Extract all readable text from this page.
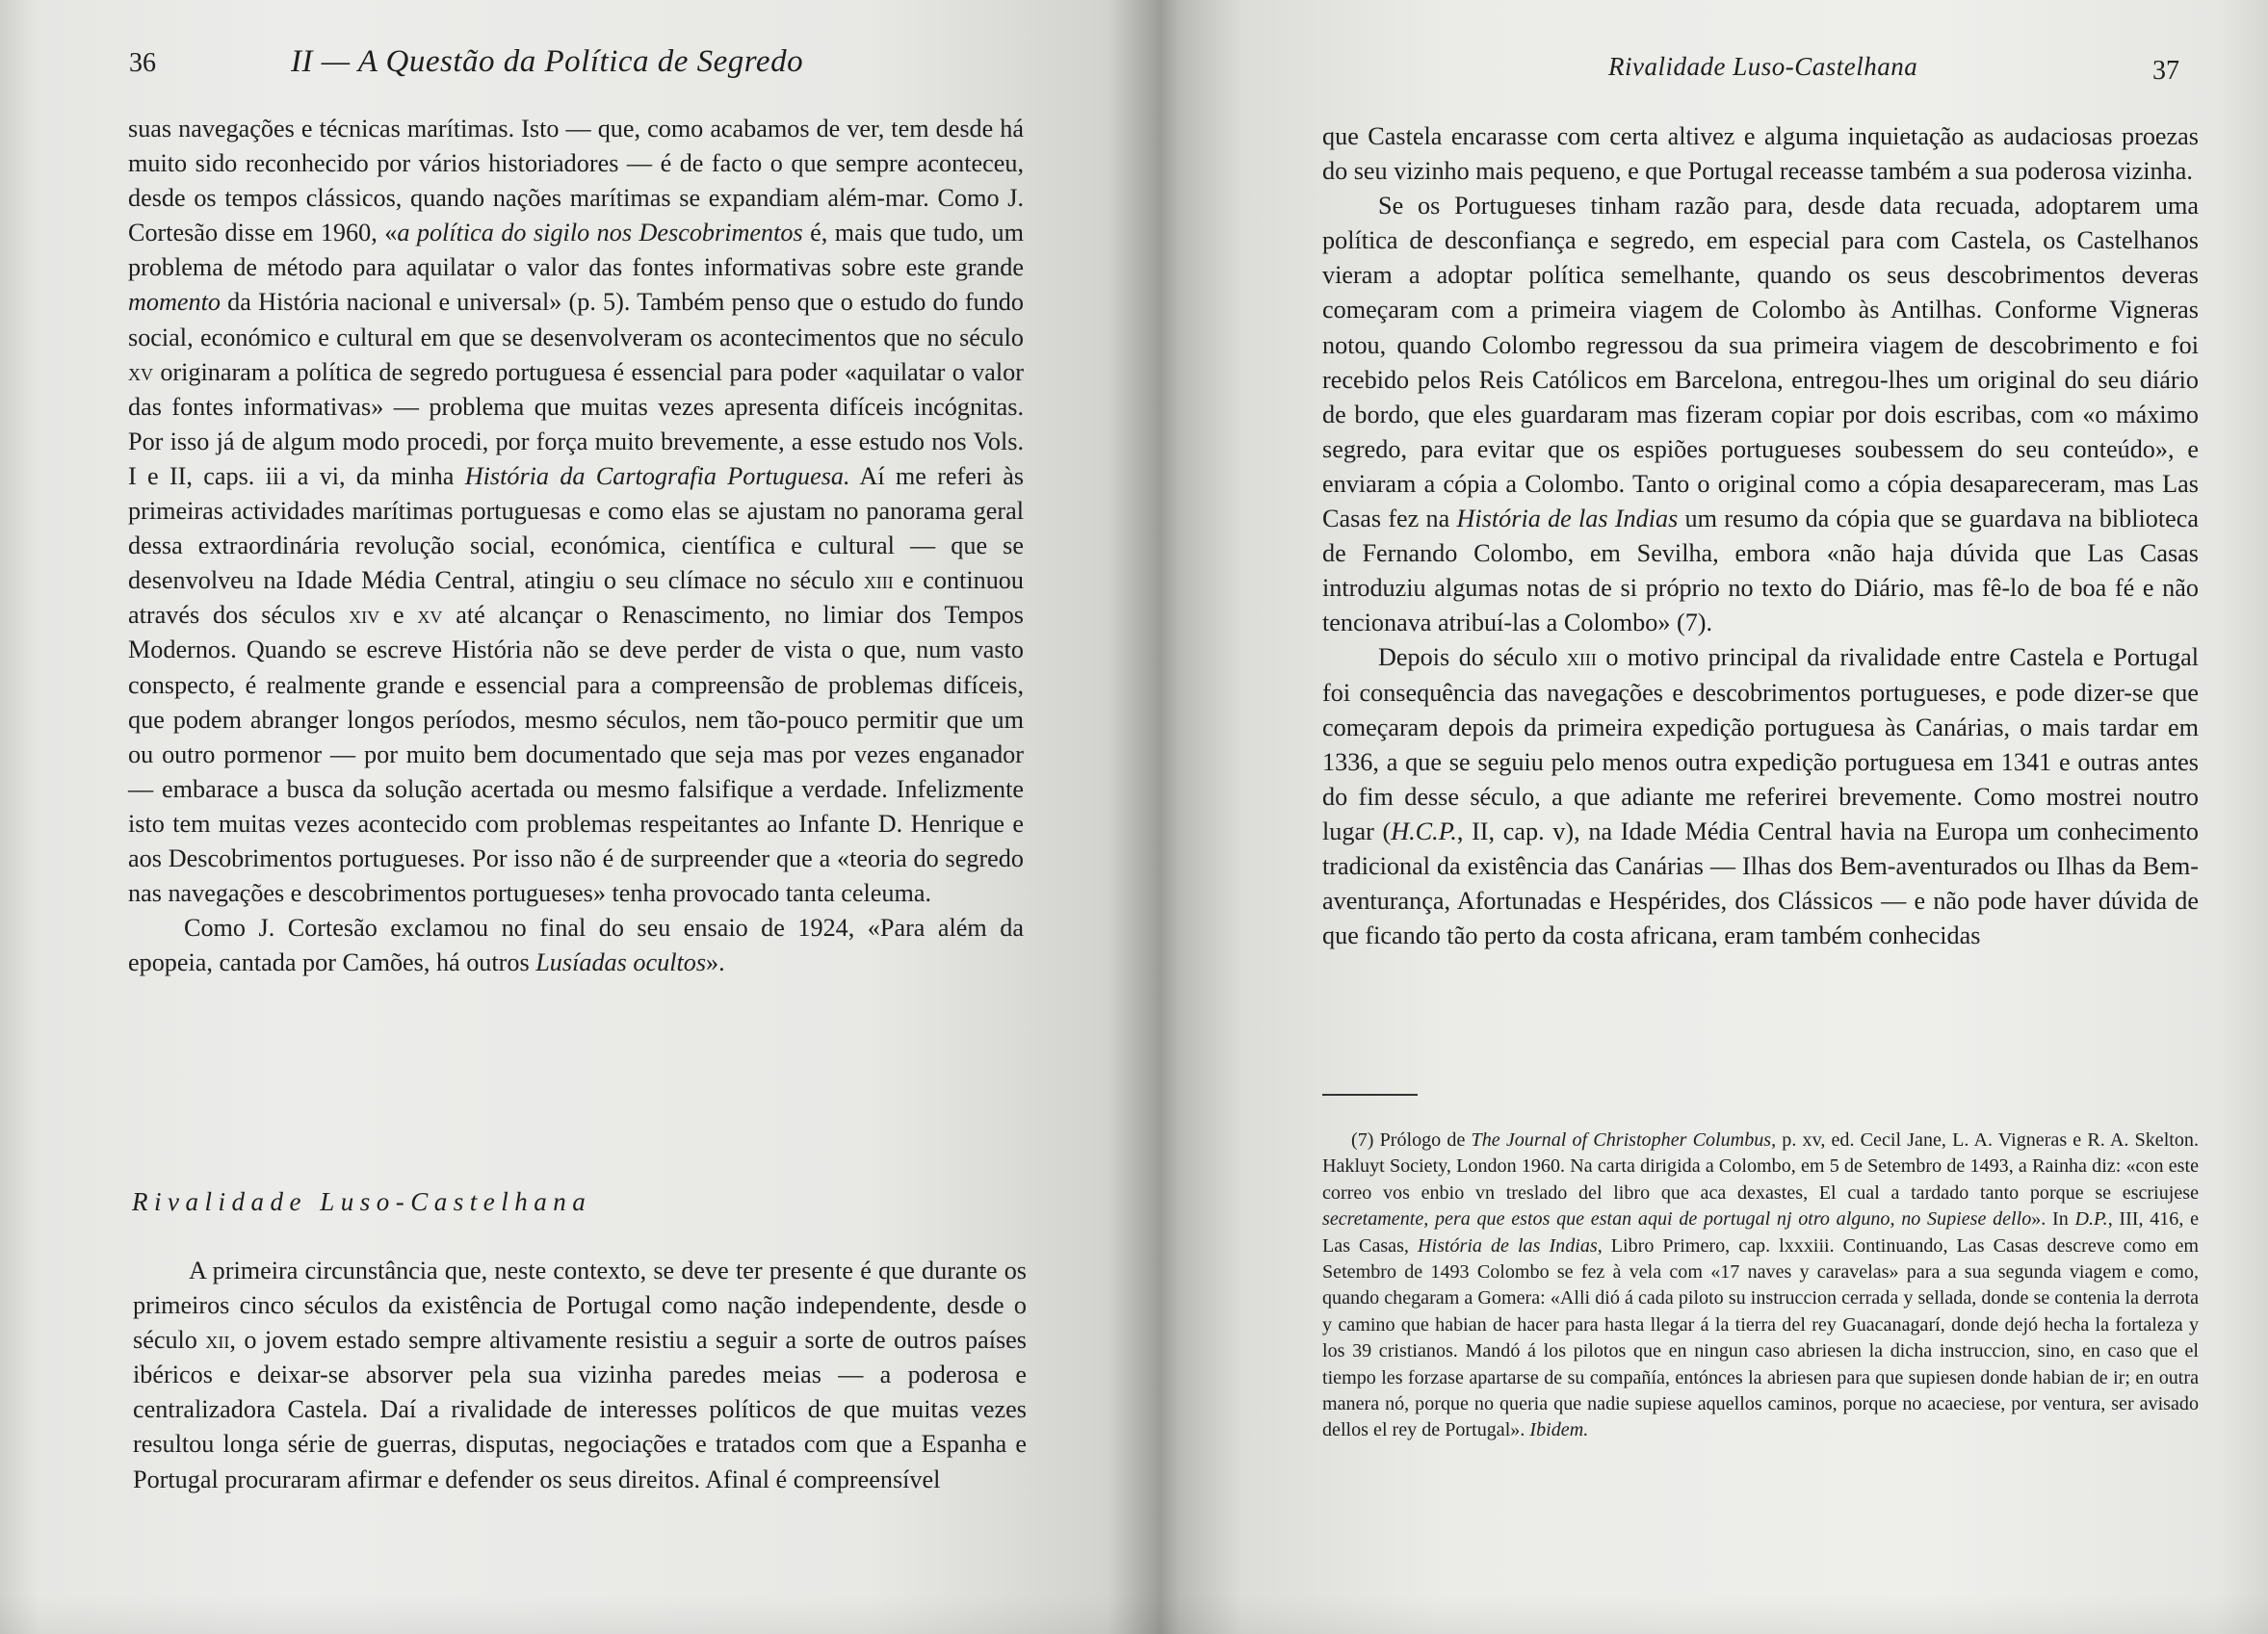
36	II — A Questão da Política de Segredo

suas navegações e técnicas marítimas. Isto — que, como acabamos de ver, tem desde há muito sido reconhecido por vários historiadores — é de facto o que sempre aconteceu, desde os tempos clássicos, quando nações marítimas se expandiam além-mar. Como J. Cortesão disse em 1960, «a política do sigilo nos Descobrimentos é, mais que tudo, um problema de método para aquilatar o valor das fontes informativas sobre este grande momento da História nacional e universal» (p. 5). Também penso que o estudo do fundo social, económico e cultural em que se desenvolveram os acontecimentos que no século xv originaram a política de segredo portuguesa é essencial para poder «aquilatar o valor das fontes informativas» — problema que muitas vezes apresenta difíceis incógnitas. Por isso já de algum modo procedi, por força muito brevemente, a esse estudo nos Vols. I e II, caps. iii a vi, da minha História da Cartografia Portuguesa. Aí me referi às primeiras actividades marítimas portuguesas e como elas se ajustam no panorama geral dessa extraordinária revolução social, económica, científica e cultural — que se desenvolveu na Idade Média Central, atingiu o seu clímace no século xiii e continuou através dos séculos xiv e xv até alcançar o Renascimento, no limiar dos Tempos Modernos. Quando se escreve História não se deve perder de vista o que, num vasto conspecto, é realmente grande e essencial para a compreensão de problemas difíceis, que podem abranger longos períodos, mesmo séculos, nem tão-pouco permitir que um ou outro pormenor — por muito bem documentado que seja mas por vezes enganador — embarace a busca da solução acertada ou mesmo falsifique a verdade. Infelizmente isto tem muitas vezes acontecido com problemas respeitantes ao Infante D. Henrique e aos Descobrimentos portugueses. Por isso não é de surpreender que a «teoria do segredo nas navegações e descobrimentos portugueses» tenha provocado tanta celeuma.

Como J. Cortesão exclamou no final do seu ensaio de 1924, «Para além da epopeia, cantada por Camões, há outros Lusíadas ocultos».

Rivalidade Luso-Castelhana

A primeira circunstância que, neste contexto, se deve ter presente é que durante os primeiros cinco séculos da existência de Portugal como nação independente, desde o século xii, o jovem estado sempre altivamente resistiu a seguir a sorte de outros países ibéricos e deixar-se absorver pela sua vizinha paredes meias — a poderosa e centralizadora Castela. Daí a rivalidade de interesses políticos de que muitas vezes resultou longa série de guerras, disputas, negociações e tratados com que a Espanha e Portugal procuraram afirmar e defender os seus direitos. Afinal é compreensível

Rivalidade Luso-Castelhana	37

que Castela encarasse com certa altivez e alguma inquietação as audaciosas proezas do seu vizinho mais pequeno, e que Portugal receasse também a sua poderosa vizinha.

Se os Portugueses tinham razão para, desde data recuada, adoptarem uma política de desconfiança e segredo, em especial para com Castela, os Castelhanos vieram a adoptar política semelhante, quando os seus descobrimentos deveras começaram com a primeira viagem de Colombo às Antilhas. Conforme Vigneras notou, quando Colombo regressou da sua primeira viagem de descobrimento e foi recebido pelos Reis Católicos em Barcelona, entregou-lhes um original do seu diário de bordo, que eles guardaram mas fizeram copiar por dois escribas, com «o máximo segredo, para evitar que os espiões portugueses soubessem do seu conteúdo», e enviaram a cópia a Colombo. Tanto o original como a cópia desapareceram, mas Las Casas fez na História de las Indias um resumo da cópia que se guardava na biblioteca de Fernando Colombo, em Sevilha, embora «não haja dúvida que Las Casas introduziu algumas notas de si próprio no texto do Diário, mas fê-lo de boa fé e não tencionava atribuí-las a Colombo» (7).

Depois do século xiii o motivo principal da rivalidade entre Castela e Portugal foi consequência das navegações e descobrimentos portugueses, e pode dizer-se que começaram depois da primeira expedição portuguesa às Canárias, o mais tardar em 1336, a que se seguiu pelo menos outra expedição portuguesa em 1341 e outras antes do fim desse século, a que adiante me referirei brevemente. Como mostrei noutro lugar (H.C.P., II, cap. v), na Idade Média Central havia na Europa um conhecimento tradicional da existência das Canárias — Ilhas dos Bem-aventurados ou Ilhas da Bem-aventurança, Afortunadas e Hespérides, dos Clássicos — e não pode haver dúvida de que ficando tão perto da costa africana, eram também conhecidas

(7) Prólogo de The Journal of Christopher Columbus, p. xv, ed. Cecil Jane, L. A. Vigneras e R. A. Skelton. Hakluyt Society, London 1960. Na carta dirigida a Colombo, em 5 de Setembro de 1493, a Rainha diz: «con este correo vos enbio vn treslado del libro que aca dexastes, El cual a tardado tanto porque se escriujese secretamente, pera que estos que estan aqui de portugal nj otro alguno, no Supiese dello». In D.P., III, 416, e Las Casas, História de las Indias, Libro Primero, cap. lxxxiii. Continuando, Las Casas descreve como em Setembro de 1493 Colombo se fez à vela com «17 naves y caravelas» para a sua segunda viagem e como, quando chegaram a Gomera: «Alli dió á cada piloto su instruccion cerrada y sellada, donde se contenia la derrota y camino que habian de hacer para hasta llegar á la tierra del rey Guacanagarí, donde dejó hecha la fortaleza y los 39 cristianos. Mandó á los pilotos que en ningun caso abriesen la dicha instruccion, sino, en caso que el tiempo les forzase apartarse de su compañía, entónces la abriesen para que supiesen donde habian de ir; en outra manera nó, porque no queria que nadie supiese aquellos caminos, porque no acaeciese, por ventura, ser avisado dellos el rey de Portugal». Ibidem.
